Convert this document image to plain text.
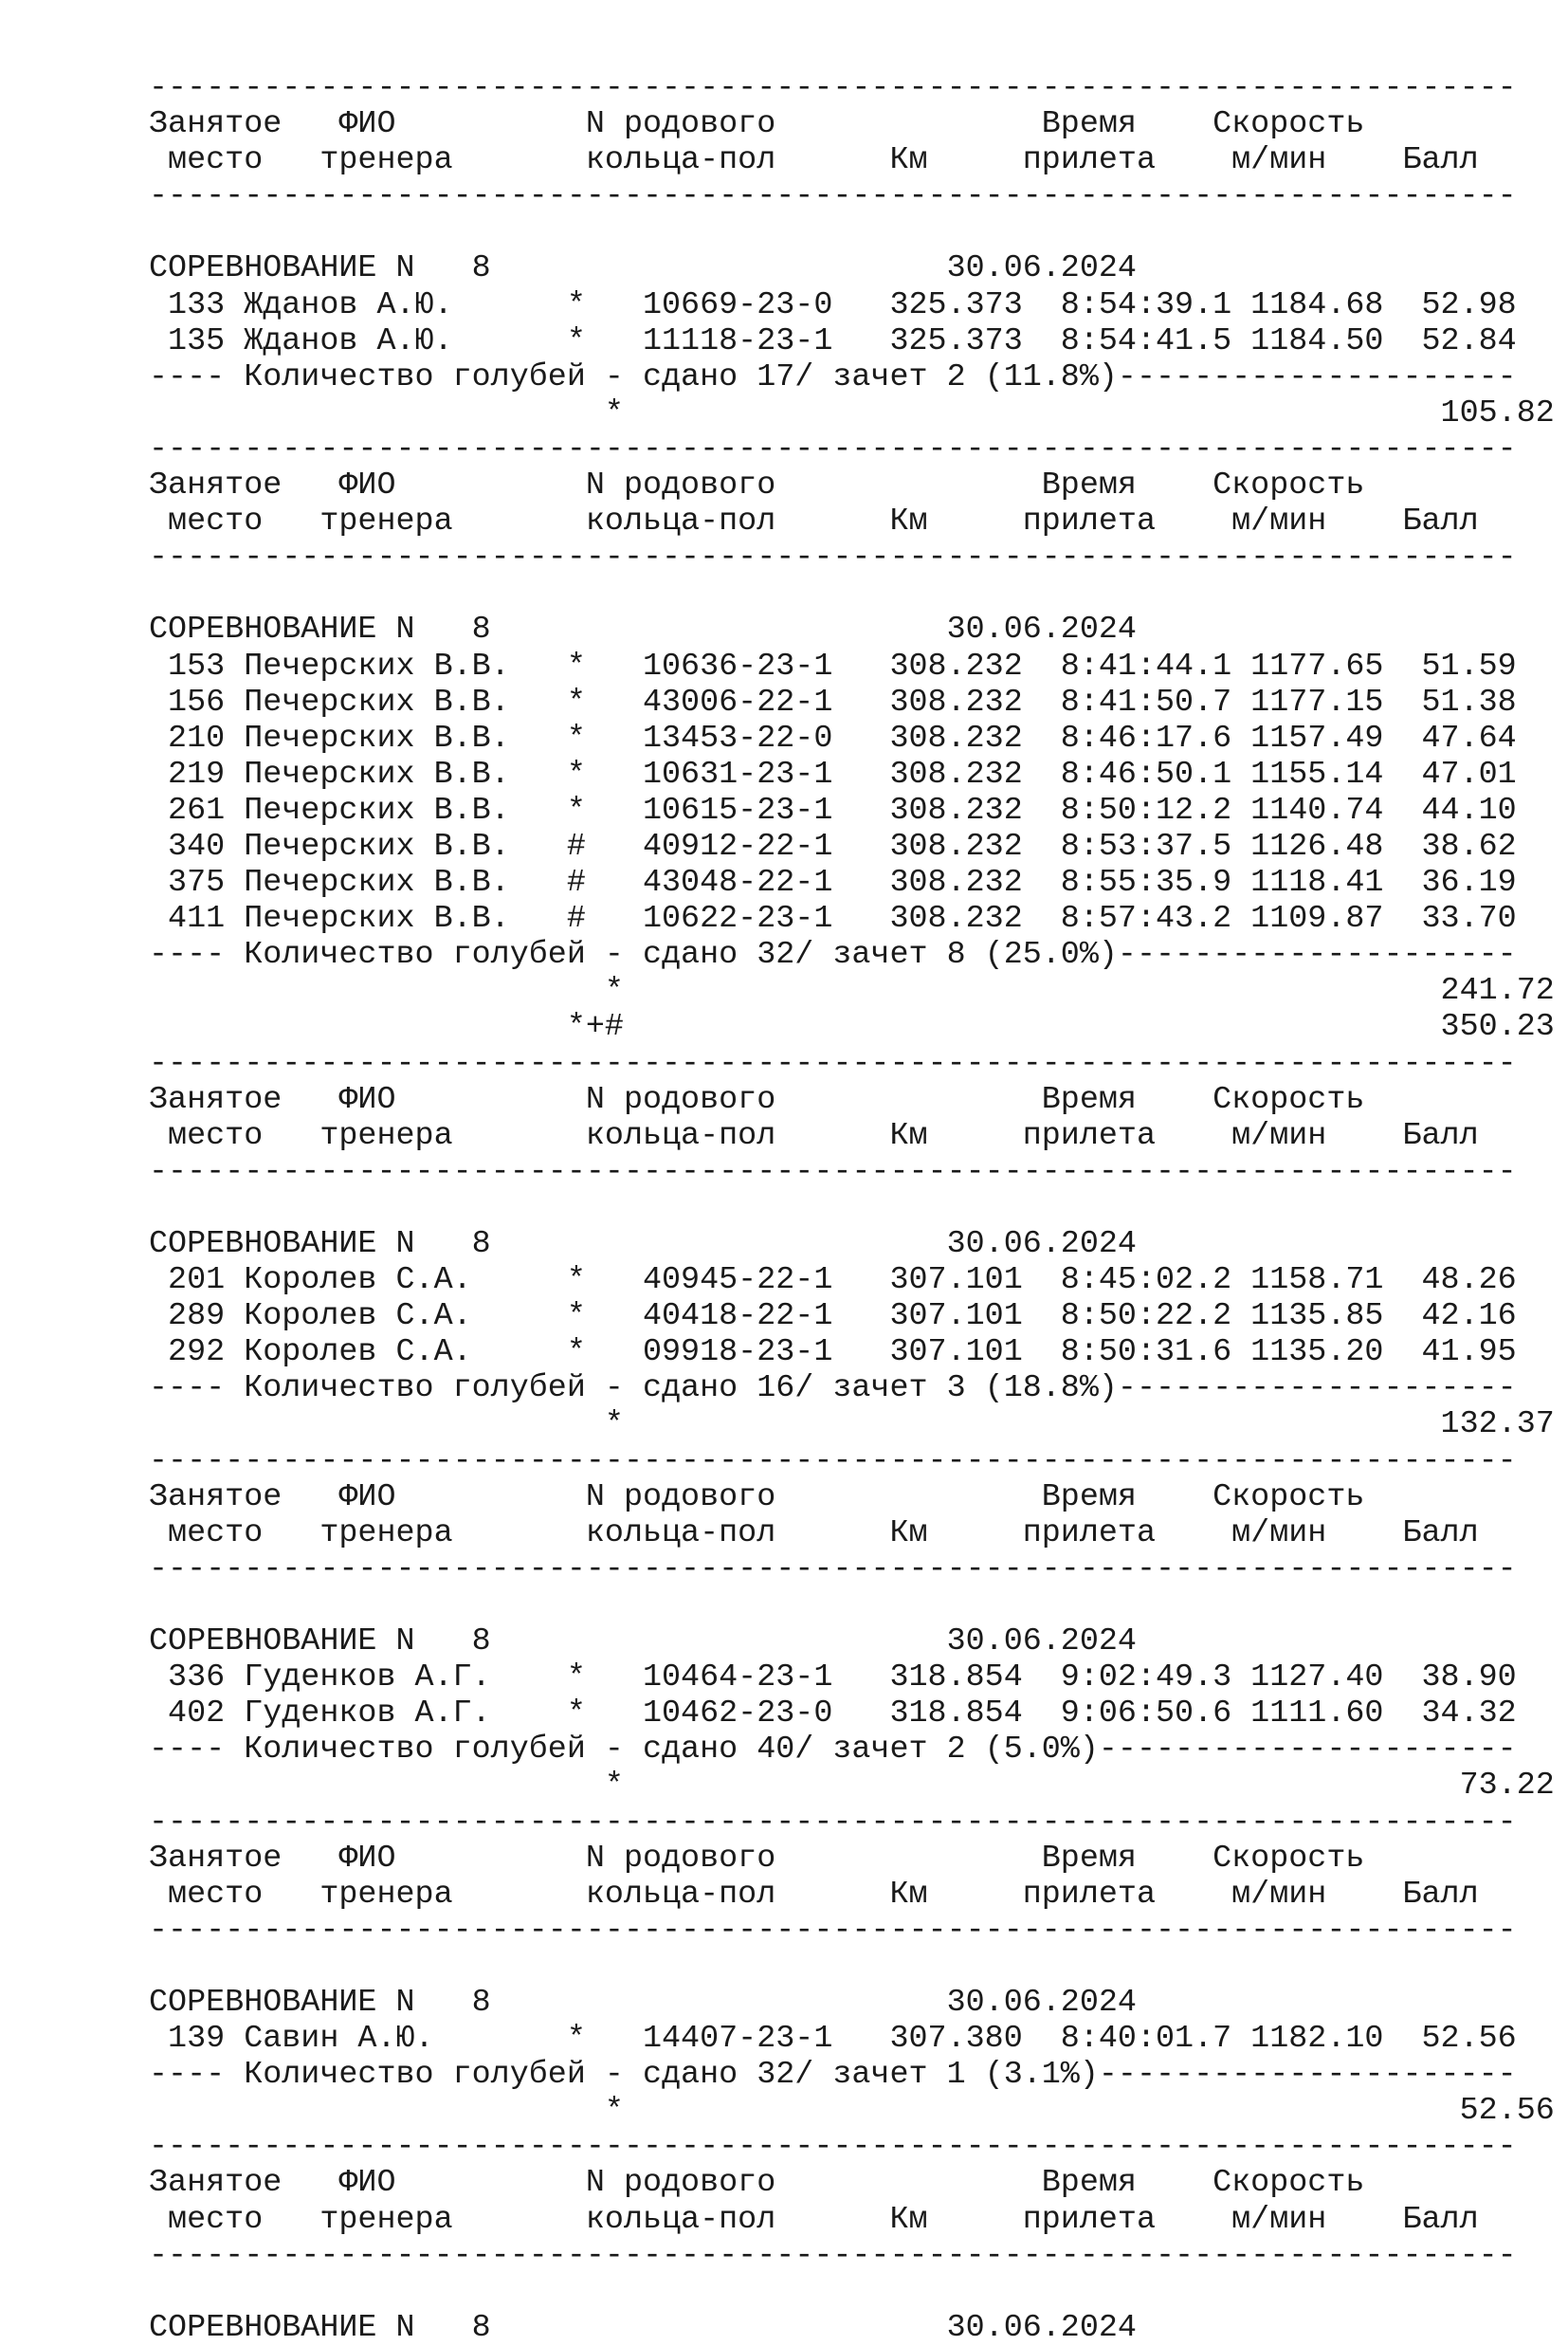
------------------------------------------------------------------------
Занятое   ФИО          N родового              Время    Скорость
место   тренера       кольца-пол      Км     прилета    м/мин    Балл
------------------------------------------------------------------------

СОРЕВНОВАНИЕ N   8                        30.06.2024
133 Жданов А.Ю.      *   10669-23-0   325.373  8:54:39.1 1184.68  52.98
135 Жданов А.Ю.      *   11118-23-1   325.373  8:54:41.5 1184.50  52.84
---- Количество голубей - сдано 17/ зачет 2 (11.8%)---------------------
*                                           105.82
------------------------------------------------------------------------
Занятое   ФИО          N родового              Время    Скорость
место   тренера       кольца-пол      Км     прилета    м/мин    Балл
------------------------------------------------------------------------

СОРЕВНОВАНИЕ N   8                        30.06.2024
153 Печерских В.В.   *   10636-23-1   308.232  8:41:44.1 1177.65  51.59
156 Печерских В.В.   *   43006-22-1   308.232  8:41:50.7 1177.15  51.38
210 Печерских В.В.   *   13453-22-0   308.232  8:46:17.6 1157.49  47.64
219 Печерских В.В.   *   10631-23-1   308.232  8:46:50.1 1155.14  47.01
261 Печерских В.В.   *   10615-23-1   308.232  8:50:12.2 1140.74  44.10
340 Печерских В.В.   #   40912-22-1   308.232  8:53:37.5 1126.48  38.62
375 Печерских В.В.   #   43048-22-1   308.232  8:55:35.9 1118.41  36.19
411 Печерских В.В.   #   10622-23-1   308.232  8:57:43.2 1109.87  33.70
---- Количество голубей - сдано 32/ зачет 8 (25.0%)---------------------
*                                           241.72
*+#                                           350.23
------------------------------------------------------------------------
Занятое   ФИО          N родового              Время    Скорость
место   тренера       кольца-пол      Км     прилета    м/мин    Балл
------------------------------------------------------------------------

СОРЕВНОВАНИЕ N   8                        30.06.2024
201 Королев С.А.     *   40945-22-1   307.101  8:45:02.2 1158.71  48.26
289 Королев С.А.     *   40418-22-1   307.101  8:50:22.2 1135.85  42.16
292 Королев С.А.     *   09918-23-1   307.101  8:50:31.6 1135.20  41.95
---- Количество голубей - сдано 16/ зачет 3 (18.8%)---------------------
*                                           132.37
------------------------------------------------------------------------
Занятое   ФИО          N родового              Время    Скорость
место   тренера       кольца-пол      Км     прилета    м/мин    Балл
------------------------------------------------------------------------

СОРЕВНОВАНИЕ N   8                        30.06.2024
336 Гуденков А.Г.    *   10464-23-1   318.854  9:02:49.3 1127.40  38.90
402 Гуденков А.Г.    *   10462-23-0   318.854  9:06:50.6 1111.60  34.32
---- Количество голубей - сдано 40/ зачет 2 (5.0%)----------------------
*                                            73.22
------------------------------------------------------------------------
Занятое   ФИО          N родового              Время    Скорость
место   тренера       кольца-пол      Км     прилета    м/мин    Балл
------------------------------------------------------------------------

СОРЕВНОВАНИЕ N   8                        30.06.2024
139 Савин А.Ю.       *   14407-23-1   307.380  8:40:01.7 1182.10  52.56
---- Количество голубей - сдано 32/ зачет 1 (3.1%)----------------------
*                                            52.56
------------------------------------------------------------------------
Занятое   ФИО          N родового              Время    Скорость
место   тренера       кольца-пол      Км     прилета    м/мин    Балл
------------------------------------------------------------------------

СОРЕВНОВАНИЕ N   8                        30.06.2024
